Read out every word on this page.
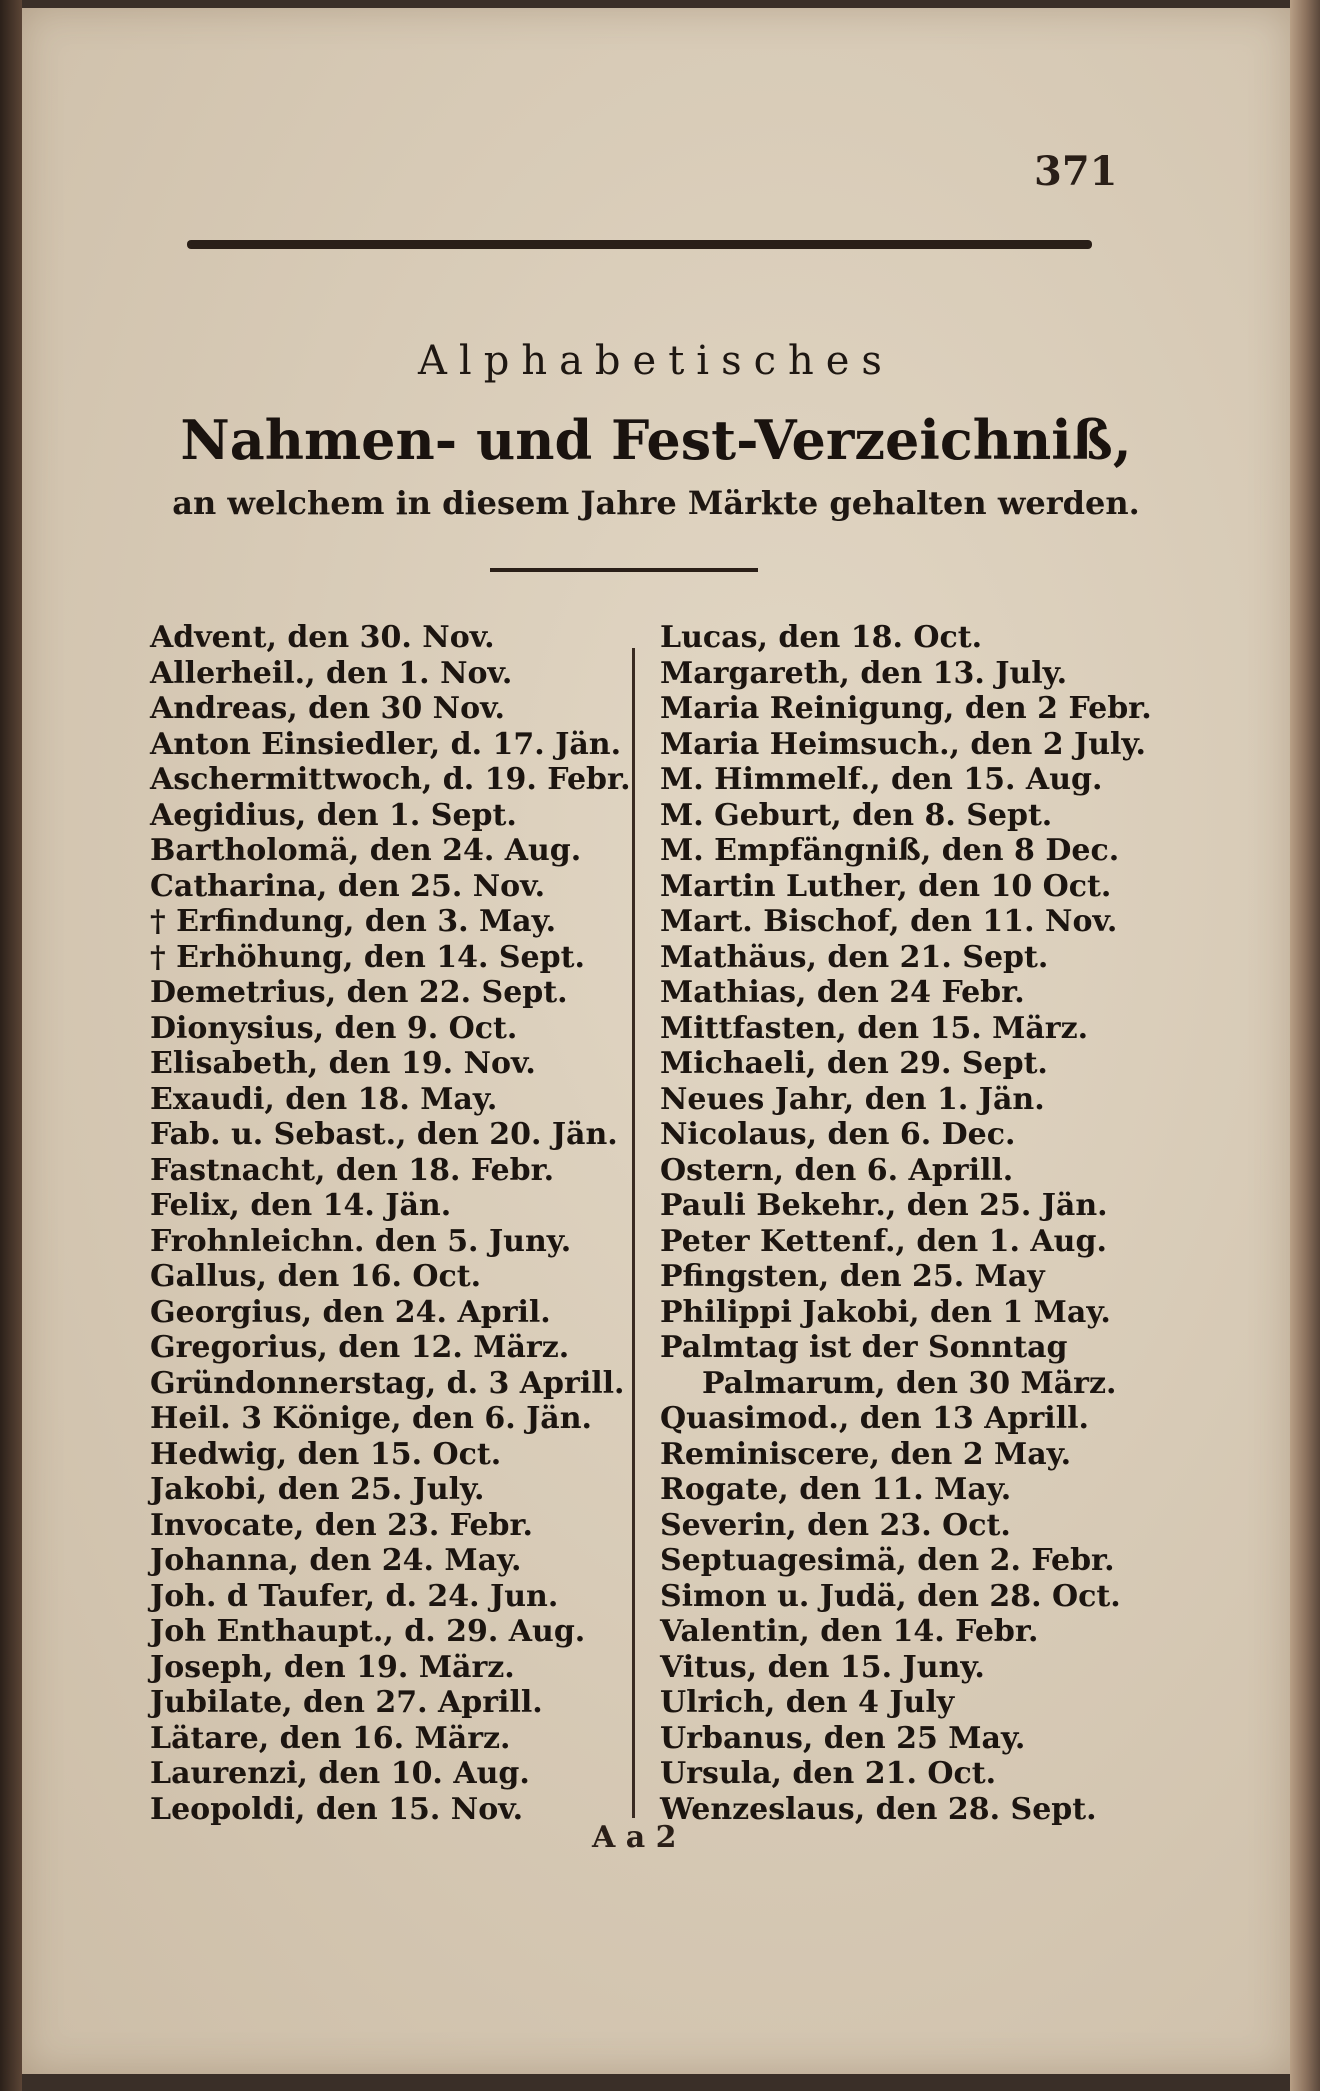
371
Alphabetisches
Nahmen- und Fest-Verzeichniß,
an welchem in diesem Jahre Märkte gehalten werden.
Advent, den 30. Nov.
Allerheil., den 1. Nov.
Andreas, den 30 Nov.
Anton Einsiedler, d. 17. Jän.
Aschermittwoch, d. 19. Febr.
Aegidius, den 1. Sept.
Bartholomä, den 24. Aug.
Catharina, den 25. Nov.
† Erfindung, den 3. May.
† Erhöhung, den 14. Sept.
Demetrius, den 22. Sept.
Dionysius, den 9. Oct.
Elisabeth, den 19. Nov.
Exaudi, den 18. May.
Fab. u. Sebast., den 20. Jän.
Fastnacht, den 18. Febr.
Felix, den 14. Jän.
Frohnleichn. den 5. Juny.
Gallus, den 16. Oct.
Georgius, den 24. April.
Gregorius, den 12. März.
Gründonnerstag, d. 3 Aprill.
Heil. 3 Könige, den 6. Jän.
Hedwig, den 15. Oct.
Jakobi, den 25. July.
Invocate, den 23. Febr.
Johanna, den 24. May.
Joh. d Taufer, d. 24. Jun.
Joh Enthaupt., d. 29. Aug.
Joseph, den 19. März.
Jubilate, den 27. Aprill.
Lätare, den 16. März.
Laurenzi, den 10. Aug.
Leopoldi, den 15. Nov.
Lucas, den 18. Oct.
Margareth, den 13. July.
Maria Reinigung, den 2 Febr.
Maria Heimsuch., den 2 July.
M. Himmelf., den 15. Aug.
M. Geburt, den 8. Sept.
M. Empfängniß, den 8 Dec.
Martin Luther, den 10 Oct.
Mart. Bischof, den 11. Nov.
Mathäus, den 21. Sept.
Mathias, den 24 Febr.
Mittfasten, den 15. März.
Michaeli, den 29. Sept.
Neues Jahr, den 1. Jän.
Nicolaus, den 6. Dec.
Ostern, den 6. Aprill.
Pauli Bekehr., den 25. Jän.
Peter Kettenf., den 1. Aug.
Pfingsten, den 25. May
Philippi Jakobi, den 1 May.
Palmtag ist der Sonntag
Palmarum, den 30 März.
Quasimod., den 13 Aprill.
Reminiscere, den 2 May.
Rogate, den 11. May.
Severin, den 23. Oct.
Septuagesimä, den 2. Febr.
Simon u. Judä, den 28. Oct.
Valentin, den 14. Febr.
Vitus, den 15. Juny.
Ulrich, den 4 July
Urbanus, den 25 May.
Ursula, den 21. Oct.
Wenzeslaus, den 28. Sept.
A a 2
